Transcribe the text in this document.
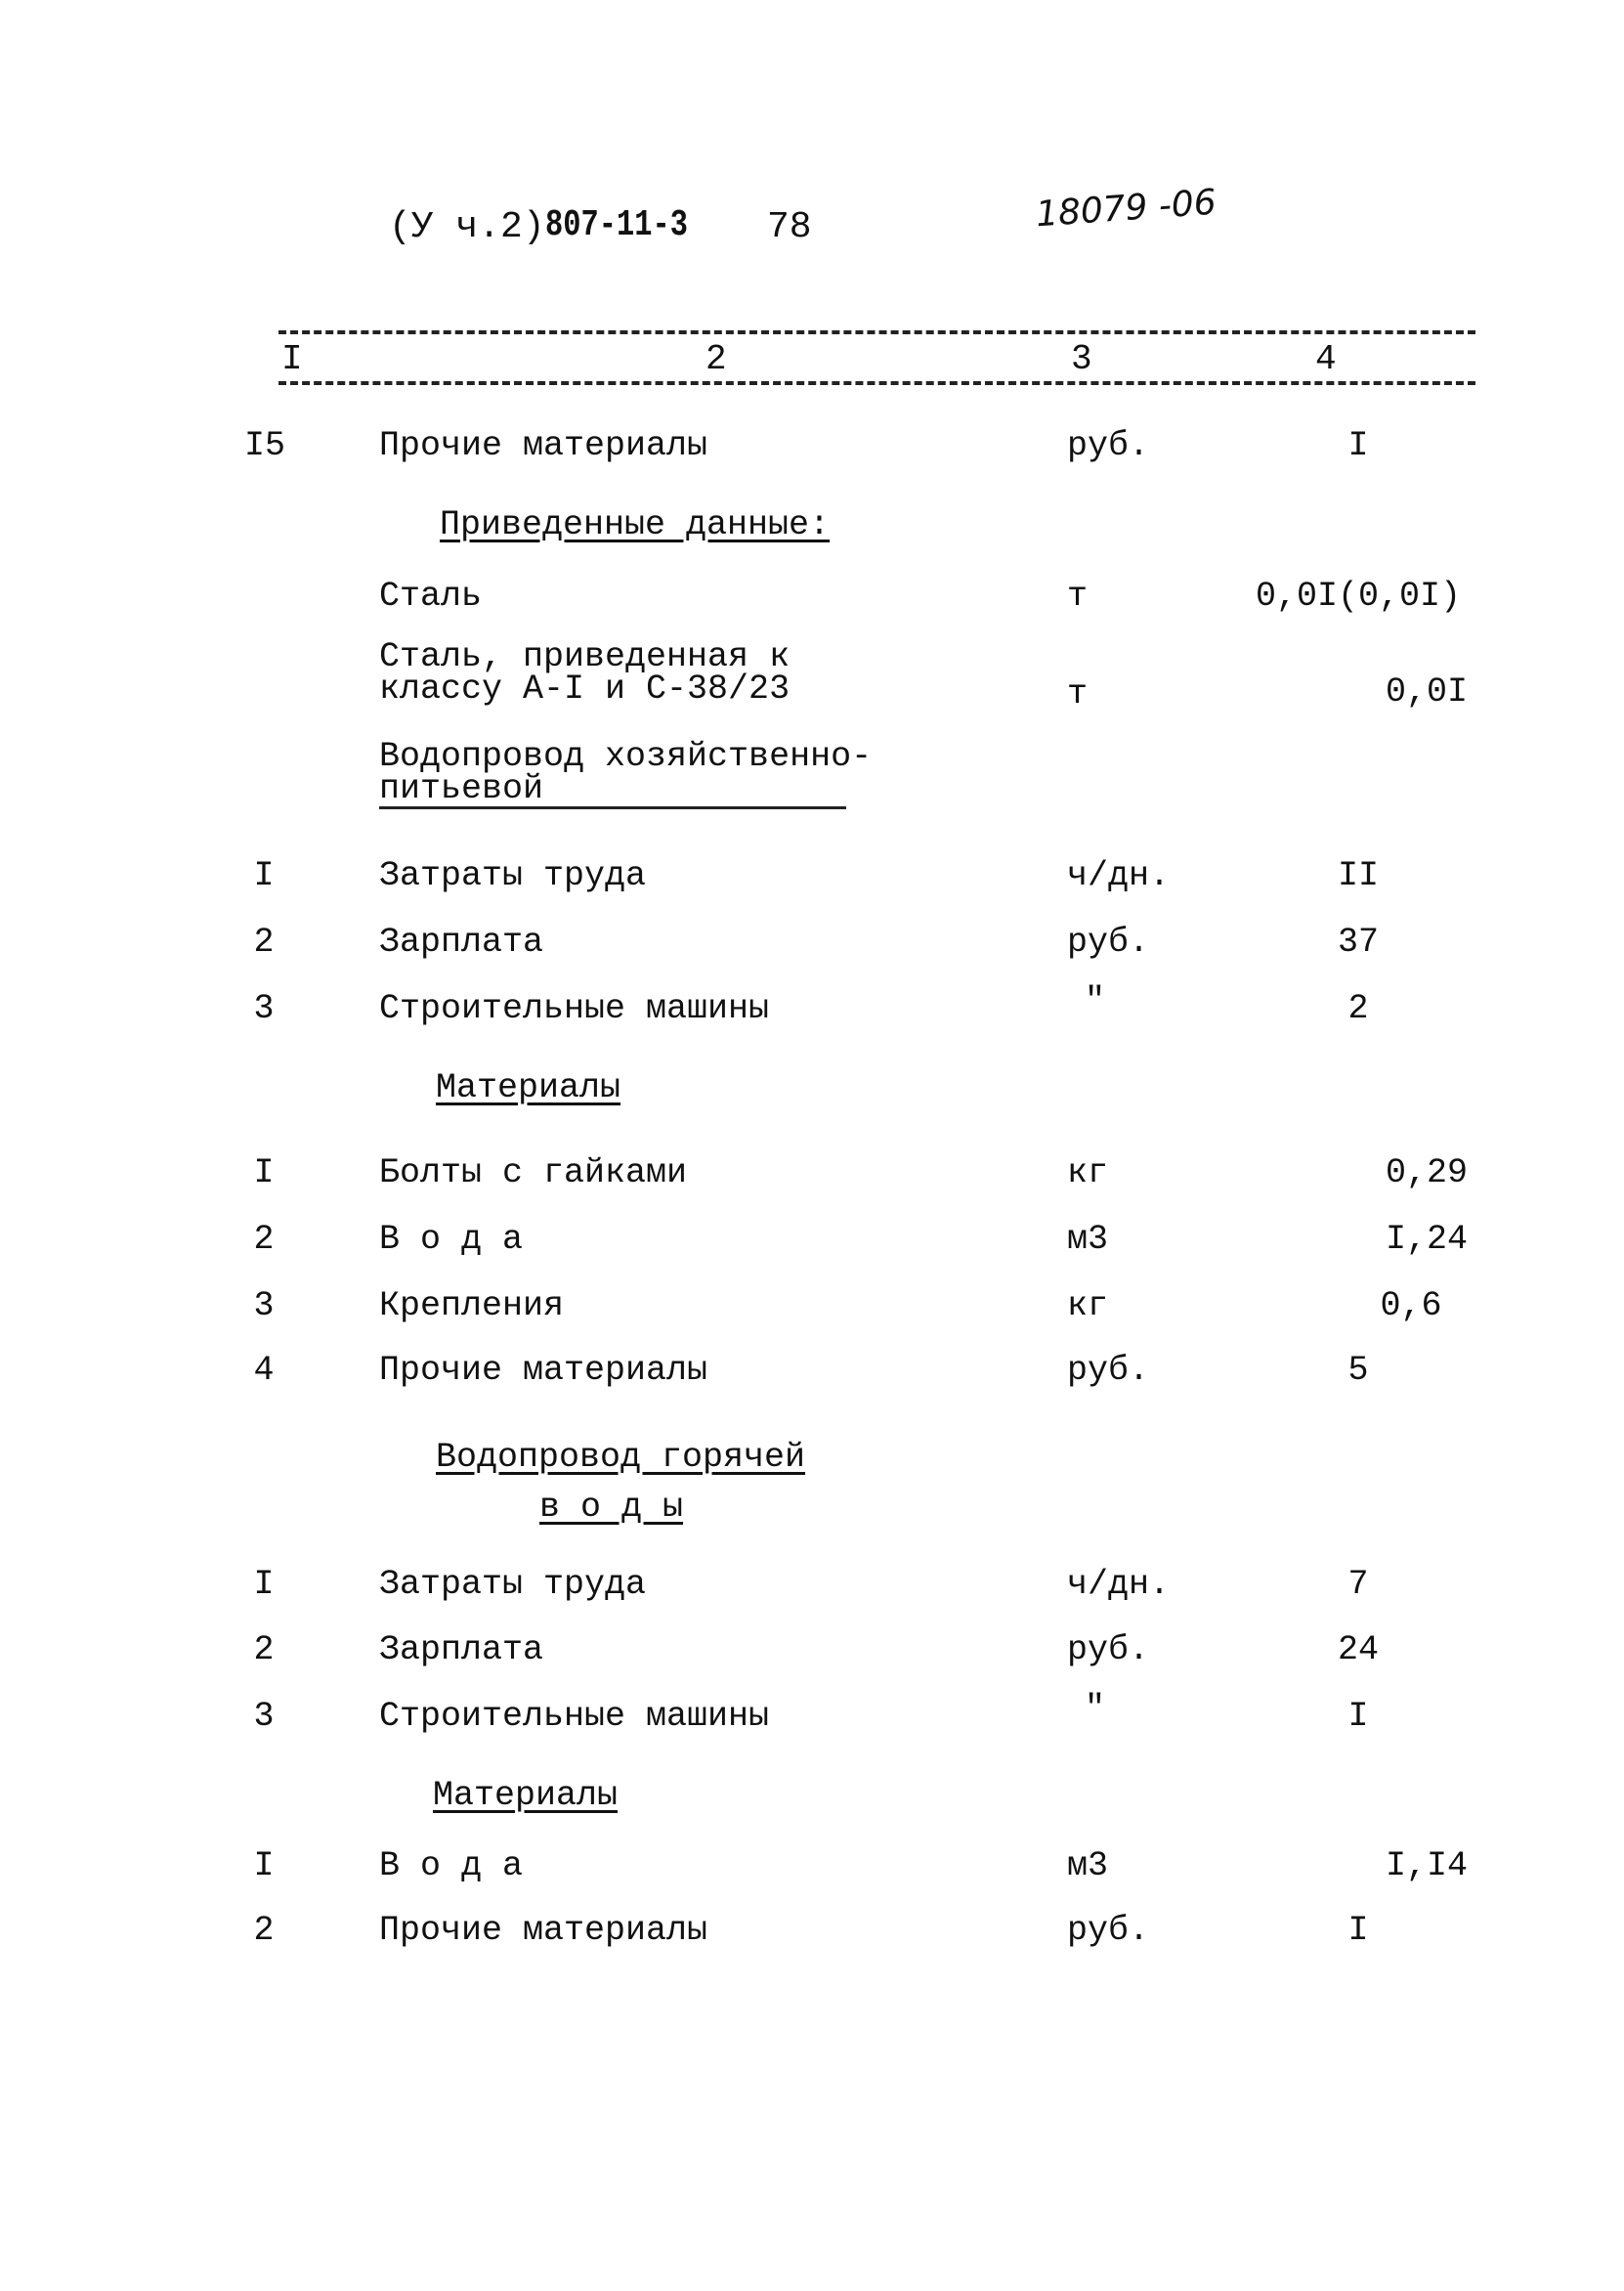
(У ч.2) 807-11-3 78	18079 -06
I	2	3	4
I5	Прочие материалы	руб.	I
Приведенные данные:
Сталь	т	0,0I(0,0I)
Сталь, приведенная к
классу А-I и С-38/23	т	0,0I
Водопровод хозяйственно-
питьевой
I	Затраты труда	ч/дн.	II
2	Зарплата	руб.	37
3	Строительные машины	"	2
Материалы
I	Болты с гайками	кг	0,29
2	В о д а	м3	I,24
3	Крепления	кг	0,6
4	Прочие материалы	руб.	5
Водопровод горячей
в о д ы
I	Затраты труда	ч/дн.	7
2	Зарплата	руб.	24
3	Строительные машины	"	I
Материалы
I	В о д а	м3	I,I4
2	Прочие материалы	руб.	I
